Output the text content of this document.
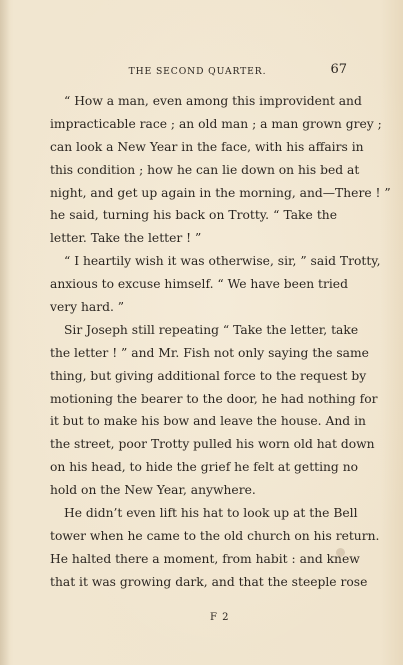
THE SECOND QUARTER.	67
“ How a man, even among this improvident and
impracticable race ; an old man ; a man grown grey ;
can look a New Year in the face, with his affairs in
this condition ; how he can lie down on his bed at
night, and get up again in the morning, and—There ! ”
he said, turning his back on Trotty. “ Take the
letter. Take the letter ! ”
“ I heartily wish it was otherwise, sir, ” said Trotty,
anxious to excuse himself. “ We have been tried
very hard. ”
Sir Joseph still repeating “ Take the letter, take
the letter ! ” and Mr. Fish not only saying the same
thing, but giving additional force to the request by
motioning the bearer to the door, he had nothing for
it but to make his bow and leave the house. And in
the street, poor Trotty pulled his worn old hat down
on his head, to hide the grief he felt at getting no
hold on the New Year, anywhere.
He didn’t even lift his hat to look up at the Bell
tower when he came to the old church on his return.
He halted there a moment, from habit : and knew
that it was growing dark, and that the steeple rose
F 2
